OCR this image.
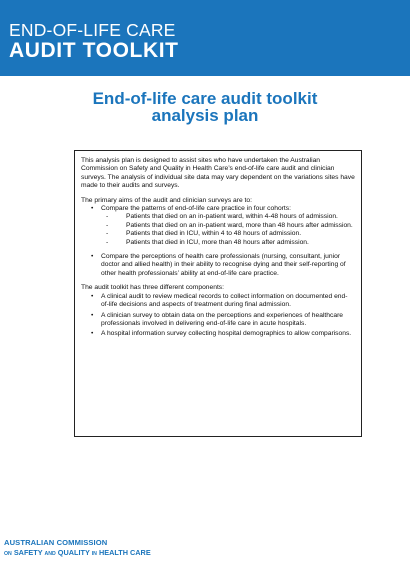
END-OF-LIFE CARE
AUDIT TOOLKIT
End-of-life care audit toolkit
analysis plan

This analysis plan is designed to assist sites who have undertaken the Australian Commission on Safety and Quality in Health Care’s end-of-life care audit and clinician surveys. The analysis of individual site data may vary dependent on the variations sites have made to their audits and surveys.

The primary aims of the audit and clinician surveys are to:
• Compare the patterns of end-of-life care practice in four cohorts:
- Patients that died on an in-patient ward, within 4-48 hours of admission.
- Patients that died on an in-patient ward, more than 48 hours after admission.
- Patients that died in ICU, within 4 to 48 hours of admission.
- Patients that died in ICU, more than 48 hours after admission.
• Compare the perceptions of health care professionals (nursing, consultant, junior doctor and allied health) in their ability to recognise dying and their self-reporting of other health professionals’ ability at end-of-life care practice.
The audit toolkit has three different components:
• A clinical audit to review medical records to collect information on documented end-of-life decisions and aspects of treatment during final admission.
• A clinician survey to obtain data on the perceptions and experiences of healthcare professionals involved in delivering end-of-life care in acute hospitals.
• A hospital information survey collecting hospital demographics to allow comparisons.
AUSTRALIAN COMMISSION
ON SAFETY AND QUALITY IN HEALTH CARE
